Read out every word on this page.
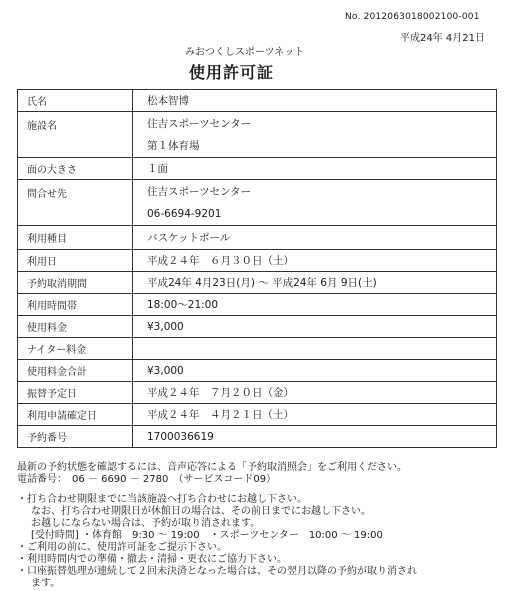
No. 201206301800​2100-001
平成24年 4月21日
みおつくしスポーツネット
使用許可証
氏名	松本智博
施設名	住吉スポーツセンター
第１体育場

面の大きさ	１面
問合せ先	住吉スポーツセンター
06-6694-9201

利用種目	バスケットボール
利用日	平成２４年　６月３０日（土）
予約取消期間	平成24年 4月23日(月) 〜 平成24年 6月 9日(土)
利用時間帯	18:00〜21:00
使用料金	¥3,000
ナイター料金	
使用料金合計	¥3,000
振替予定日	平成２４年　７月２０日（金）
利用申請確定日	平成２４年　４月２１日（土）
予約番号	1700036619

最新の予約状態を確認するには、音声応答による「予約取消照会」をご利用ください。

電話番号：　06 － 6690 － 2780　（サービスコード09）

・打ち合わせ期限までに当該施設へ打ち合わせにお越し下さい。

なお、打ち合わせ期限日が休館日の場合は、その前日までにお越し下さい。

お越しにならない場合は、予約が取り消されます。

[受付時間] ・体育館　9:30 〜 19:00　・スポーツセンター　10:00 〜 19:00

・ご利用の前に、使用許可証をご提示下さい。

・利用時間内での準備・撤去・清掃・更衣にご協力下さい。

・口座振替処理が連続して２回未決済となった場合は、その翌月以降の予約が取り消され

ます。
